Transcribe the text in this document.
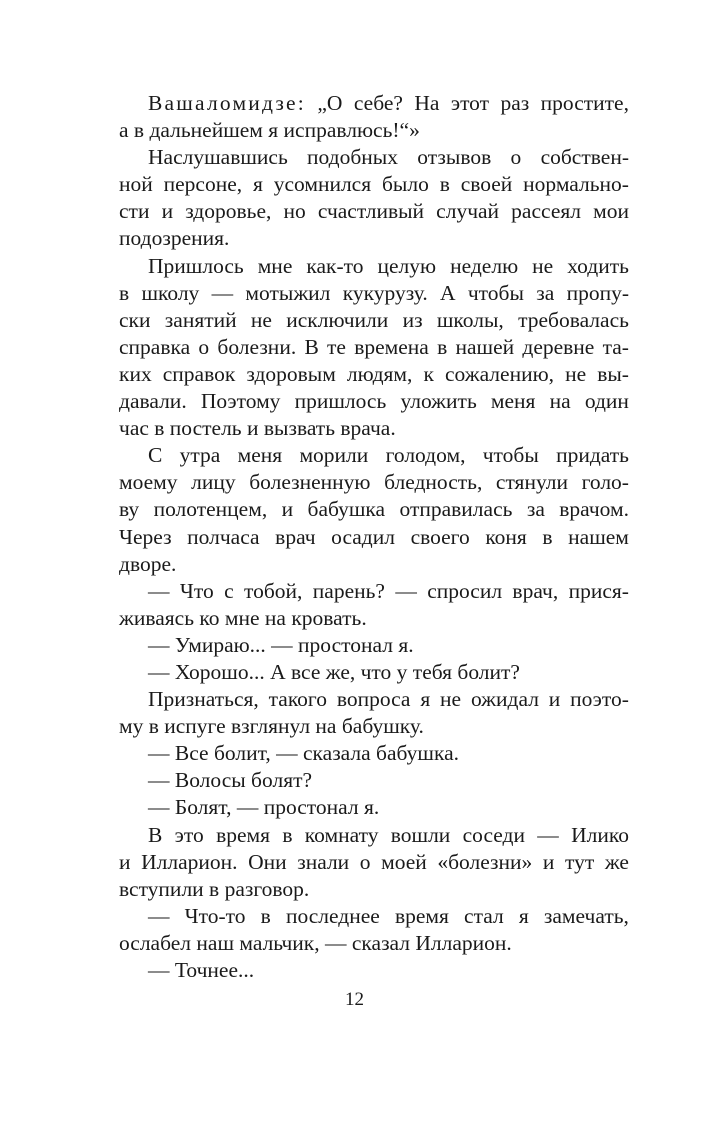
Вашаломидзе: „О себе? На этот раз простите,
а в дальнейшем я исправлюсь!“»
Наслушавшись подобных отзывов о собствен-
ной персоне, я усомнился было в своей нормально-
сти и здоровье, но счастливый случай рассеял мои
подозрения.
Пришлось мне как-то целую неделю не ходить
в школу — мотыжил кукурузу. А чтобы за пропу-
ски занятий не исключили из школы, требовалась
справка о болезни. В те времена в нашей деревне та-
ких справок здоровым людям, к сожалению, не вы-
давали. Поэтому пришлось уложить меня на один
час в постель и вызвать врача.
С утра меня морили голодом, чтобы придать
моему лицу болезненную бледность, стянули голо-
ву полотенцем, и бабушка отправилась за врачом.
Через полчаса врач осадил своего коня в нашем
дворе.
— Что с тобой, парень? — спросил врач, прися-
живаясь ко мне на кровать.
— Умираю... — простонал я.
— Хорошо... А все же, что у тебя болит?
Признаться, такого вопроса я не ожидал и поэто-
му в испуге взглянул на бабушку.
— Все болит, — сказала бабушка.
— Волосы болят?
— Болят, — простонал я.
В это время в комнату вошли соседи — Илико
и Илларион. Они знали о моей «болезни» и тут же
вступили в разговор.
— Что-то в последнее время стал я замечать,
ослабел наш мальчик, — сказал Илларион.
— Точнее...
12
